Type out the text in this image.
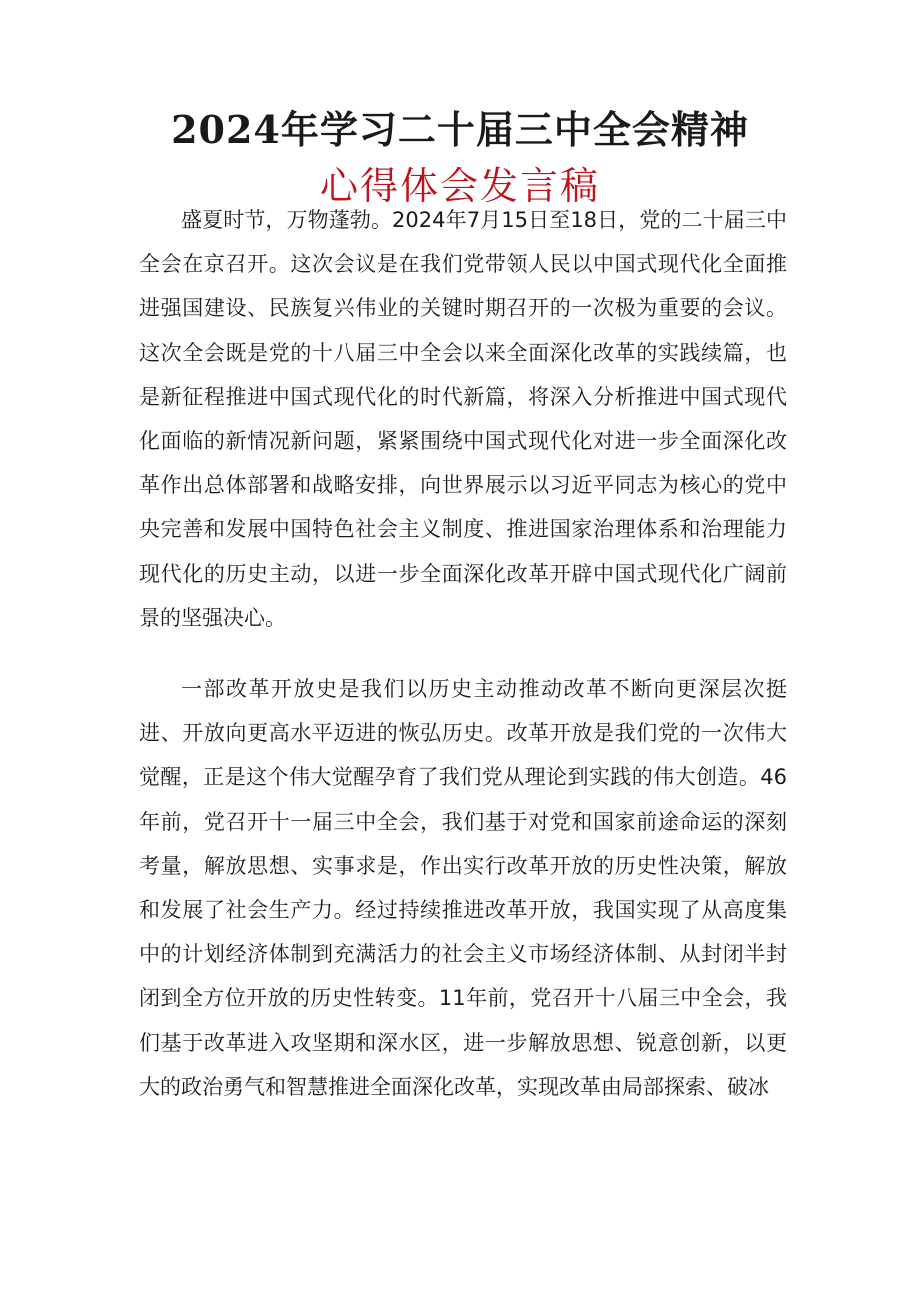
2024年学习二十届三中全会精神
心得体会发言稿

盛夏时节，万物蓬勃。2024年7月15日至18日，党的二十届三中全会在京召开。这次会议是在我们党带领人民以中国式现代化全面推进强国建设、民族复兴伟业的关键时期召开的一次极为重要的会议。这次全会既是党的十八届三中全会以来全面深化改革的实践续篇，也是新征程推进中国式现代化的时代新篇，将深入分析推进中国式现代化面临的新情况新问题，紧紧围绕中国式现代化对进一步全面深化改革作出总体部署和战略安排，向世界展示以习近平同志为核心的党中央完善和发展中国特色社会主义制度、推进国家治理体系和治理能力现代化的历史主动，以进一步全面深化改革开辟中国式现代化广阔前景的坚强决心。

一部改革开放史是我们以历史主动推动改革不断向更深层次挺进、开放向更高水平迈进的恢弘历史。改革开放是我们党的一次伟大觉醒，正是这个伟大觉醒孕育了我们党从理论到实践的伟大创造。46年前，党召开十一届三中全会，我们基于对党和国家前途命运的深刻考量，解放思想、实事求是，作出实行改革开放的历史性决策，解放和发展了社会生产力。经过持续推进改革开放，我国实现了从高度集中的计划经济体制到充满活力的社会主义市场经济体制、从封闭半封闭到全方位开放的历史性转变。11年前，党召开十八届三中全会，我们基于改革进入攻坚期和深水区，进一步解放思想、锐意创新，以更大的政治勇气和智慧推进全面深化改革，实现改革由局部探索、破冰
